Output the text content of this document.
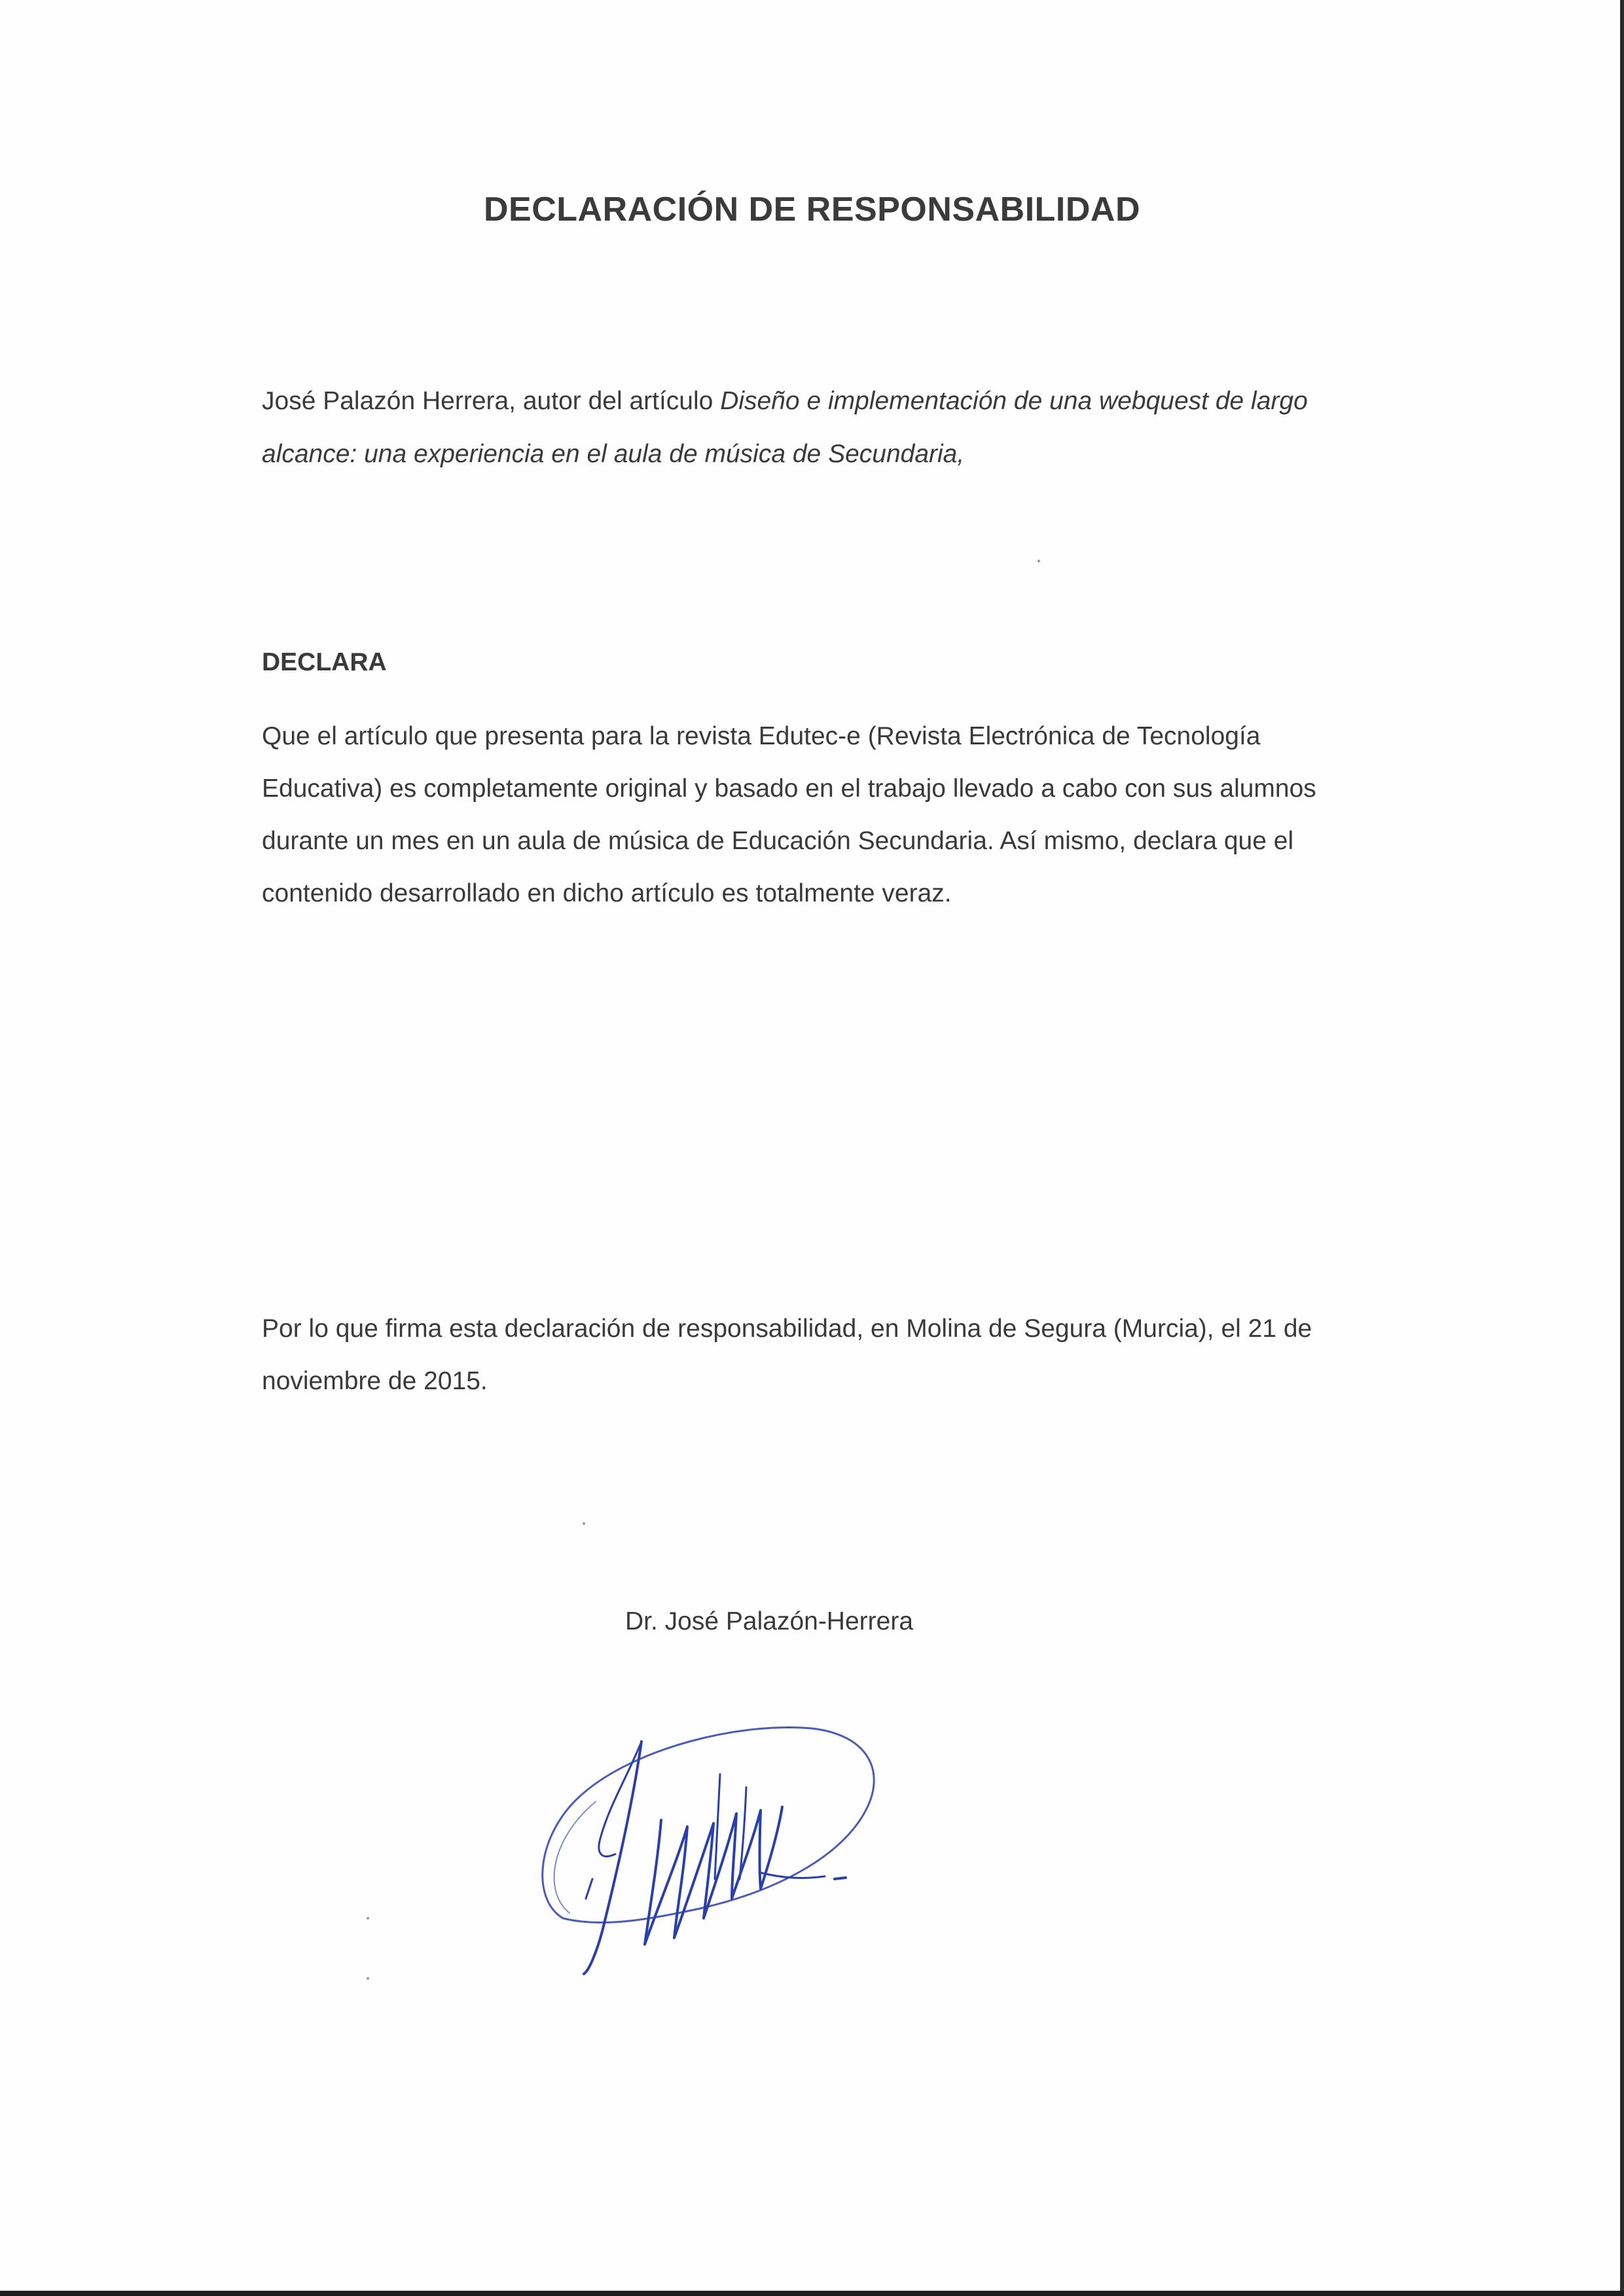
DECLARACIÓN DE RESPONSABILIDAD
José Palazón Herrera, autor del artículo Diseño e implementación de una webquest de largo alcance: una experiencia en el aula de música de Secundaria,
DECLARA
Que el artículo que presenta para la revista Edutec-e (Revista Electrónica de Tecnología Educativa) es completamente original y basado en el trabajo llevado a cabo con sus alumnos durante un mes en un aula de música de Educación Secundaria. Así mismo, declara que el contenido desarrollado en dicho artículo es totalmente veraz.
Por lo que firma esta declaración de responsabilidad, en Molina de Segura (Murcia), el 21 de noviembre de 2015.
Dr. José Palazón-Herrera
